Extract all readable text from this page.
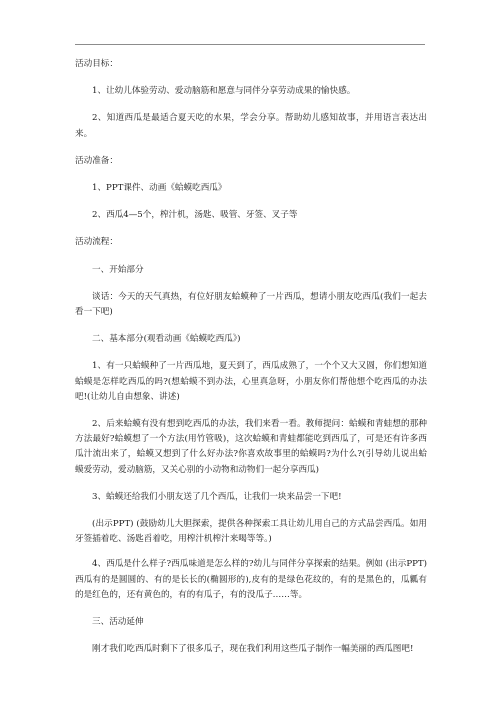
活动目标：

1、让幼儿体验劳动、爱动脑筋和愿意与同伴分享劳动成果的愉快感。

2、知道西瓜是最适合夏天吃的水果，学会分享。帮助幼儿感知故事，并用语言表达出来。

活动准备：

1、PPT课件、动画《蛤蟆吃西瓜》

2、西瓜4—5个，榨汁机，汤匙、吸管、牙签、叉子等

活动流程：

一、开始部分

谈话：今天的天气真热，有位好朋友蛤蟆种了一片西瓜，想请小朋友吃西瓜(我们一起去看一下吧)

二、基本部分(观看动画《蛤蟆吃西瓜》)

1、有一只蛤蟆种了一片西瓜地，夏天到了，西瓜成熟了，一个个又大又圆，你们想知道蛤蟆是怎样吃西瓜的吗?(想蛤蟆不到办法，心里真急呀，小朋友你们帮他想个吃西瓜的办法吧!(让幼儿自由想象、讲述)

2、后来蛤蟆有没有想到吃西瓜的办法，我们来看一看。教师提问：蛤蟆和青蛙想的那种方法最好?蛤蟆想了一个方法(用竹管吸)，这次蛤蟆和青蛙都能吃到西瓜了，可是还有许多西瓜汁流出来了，蛤蟆又想到了什么好办法?你喜欢故事里的蛤蟆吗?为什么?(引导幼儿说出蛤蟆爱劳动，爱动脑筋，又关心别的小动物和动物们一起分享西瓜)

3、蛤蟆还给我们小朋友送了几个西瓜，让我们一块来品尝一下吧!

(出示PPT) (鼓励幼儿大胆探索，提供各种探索工具让幼儿用自己的方式品尝西瓜。如用牙签插着吃、汤匙舀着吃，用榨汁机榨汁来喝等等。)

4、西瓜是什么样子?西瓜味道是怎么样的?幼儿与同伴分享探索的结果。例如 (出示PPT) 西瓜有的是圆圆的、有的是长长的(椭圆形的),皮有的是绿色花纹的，有的是黑色的，瓜瓤有的是红色的，还有黄色的，有的有瓜子，有的没瓜子……等。

三、活动延伸

刚才我们吃西瓜时剩下了很多瓜子，现在我们利用这些瓜子制作一幅美丽的西瓜图吧!
